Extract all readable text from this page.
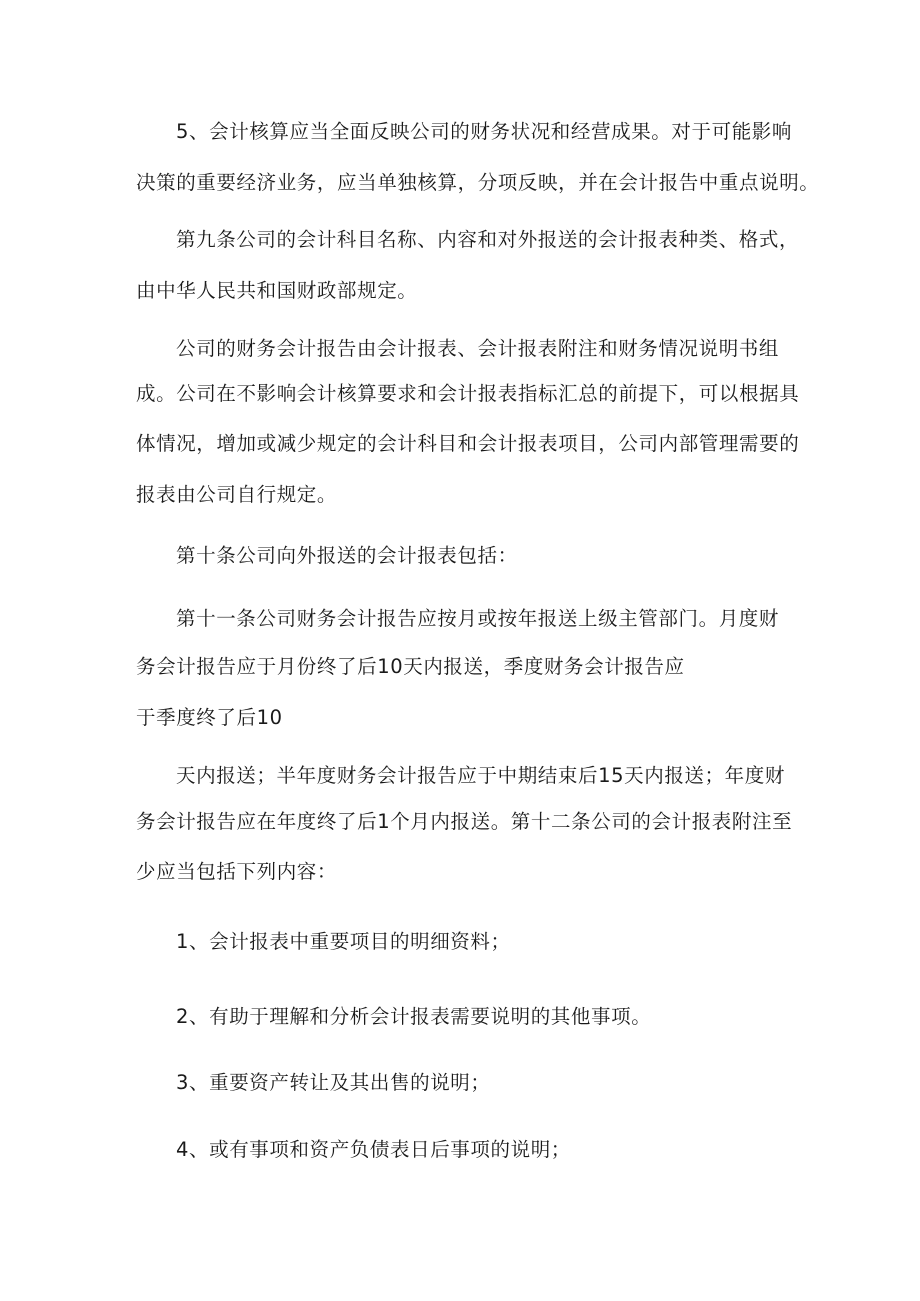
5、会计核算应当全面反映公司的财务状况和经营成果。对于可能影响
决策的重要经济业务，应当单独核算，分项反映，并在会计报告中重点说明。
第九条公司的会计科目名称、内容和对外报送的会计报表种类、格式，
由中华人民共和国财政部规定。
公司的财务会计报告由会计报表、会计报表附注和财务情况说明书组
成。公司在不影响会计核算要求和会计报表指标汇总的前提下，可以根据具
体情况，增加或减少规定的会计科目和会计报表项目，公司内部管理需要的
报表由公司自行规定。
第十条公司向外报送的会计报表包括：
第十一条公司财务会计报告应按月或按年报送上级主管部门。月度财
务会计报告应于月份终了后10天内报送，季度财务会计报告应
于季度终了后10
天内报送；半年度财务会计报告应于中期结束后15天内报送；年度财
务会计报告应在年度终了后1个月内报送。第十二条公司的会计报表附注至
少应当包括下列内容：
1、会计报表中重要项目的明细资料；
2、有助于理解和分析会计报表需要说明的其他事项。
3、重要资产转让及其出售的说明；
4、或有事项和资产负债表日后事项的说明；
